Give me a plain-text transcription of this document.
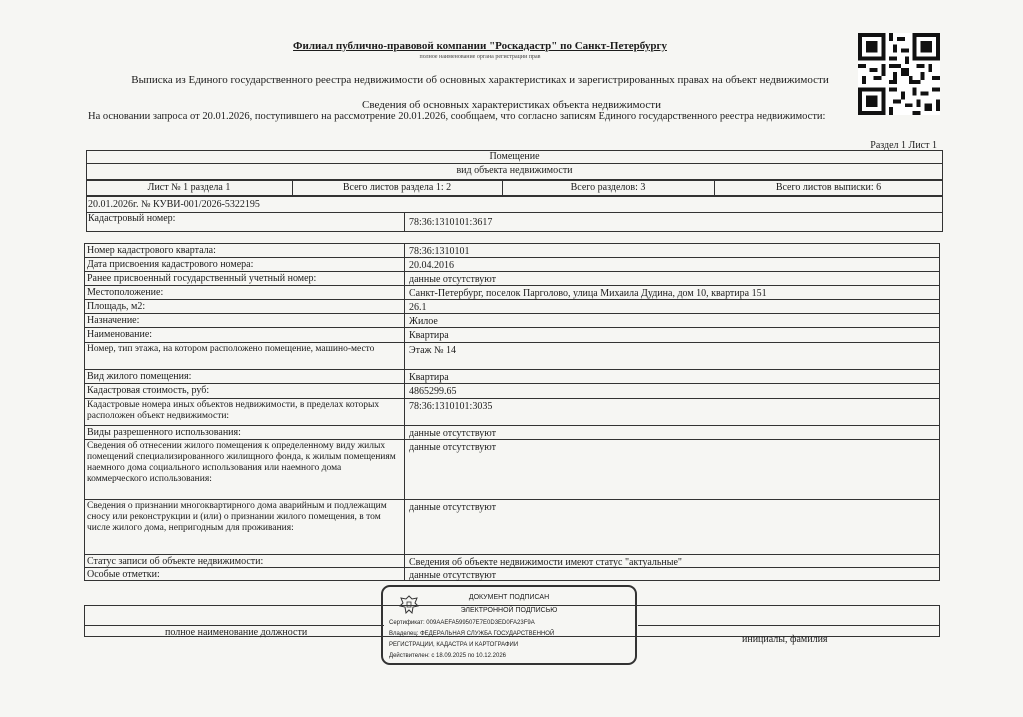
Филиал публично-правовой компании "Роскадастр" по Санкт-Петербургу
полное наименование органа регистрации прав
Выписка из Единого государственного реестра недвижимости об основных характеристиках и зарегистрированных правах на объект недвижимости
Сведения об основных характеристиках объекта недвижимости
На основании запроса от 20.01.2026, поступившего на рассмотрение 20.01.2026, сообщаем, что согласно записям Единого государственного реестра недвижимости:
Раздел 1 Лист 1
Помещение
вид объекта недвижимости
Лист № 1 раздела 1	Всего листов раздела 1: 2	Всего разделов: 3	Всего листов выписки: 6
20.01.2026г. № КУВИ-001/2026-5322195
Кадастровый номер:	78:36:1310101:3617
Номер кадастрового квартала:	78:36:1310101
Дата присвоения кадастрового номера:	20.04.2016
Ранее присвоенный государственный учетный номер:	данные отсутствуют
Местоположение:	Санкт-Петербург, поселок Парголово, улица Михаила Дудина, дом 10, квартира 151
Площадь, м2:	26.1
Назначение:	Жилое
Наименование:	Квартира
Номер, тип этажа, на котором расположено помещение, машино-место	Этаж № 14
Вид жилого помещения:	Квартира
Кадастровая стоимость, руб:	4865299.65
Кадастровые номера иных объектов недвижимости, в пределах которых расположен объект недвижимости:
78:36:1310101:3035
Виды разрешенного использования:	данные отсутствуют
Сведения об отнесении жилого помещения к определенному виду жилых помещений специализированного жилищного фонда, к жилым помещениям наемного дома социального использования или наемного дома коммерческого использования:
данные отсутствуют
Сведения о признании многоквартирного дома аварийным и подлежащим сносу или реконструкции и (или) о признании жилого помещения, в том числе жилого дома, непригодным для проживания:
данные отсутствуют
Статус записи об объекте недвижимости:	Сведения об объекте недвижимости имеют статус "актуальные"
Особые отметки:	данные отсутствуют
полное наименование должности
инициалы, фамилия
ДОКУМЕНТ ПОДПИСАН
ЭЛЕКТРОННОЙ ПОДПИСЬЮ
Сертификат: 009AAEFA599507E7E0D3ED0FA23F9A
Владелец: ФЕДЕРАЛЬНАЯ СЛУЖБА ГОСУДАРСТВЕННОЙ
РЕГИСТРАЦИИ, КАДАСТРА И КАРТОГРАФИИ
Действителен: с 18.09.2025 по 10.12.2026
